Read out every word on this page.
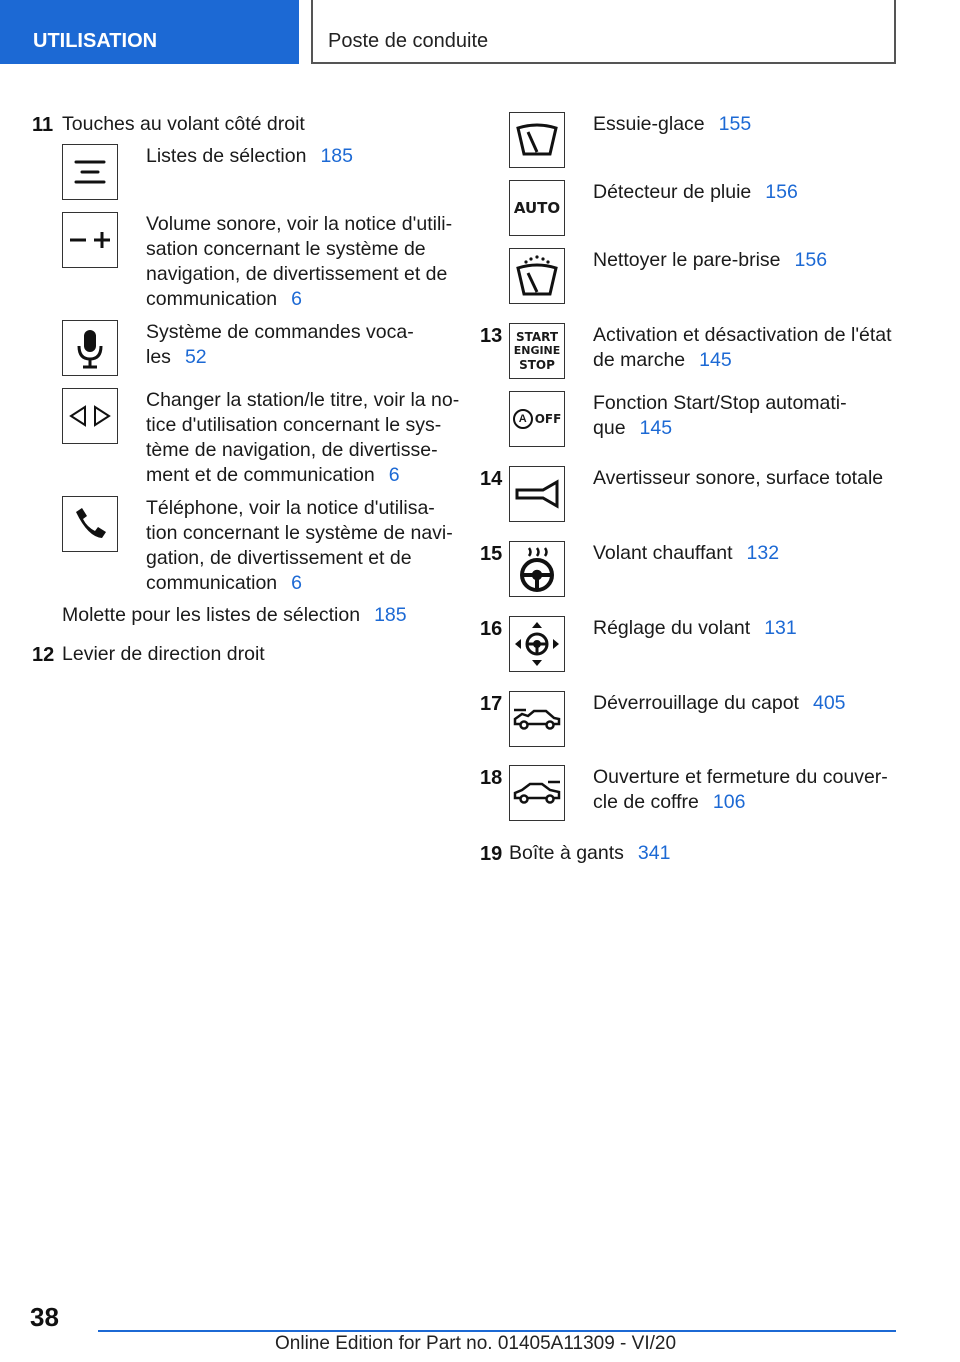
UTILISATION	Poste de conduite
11 Touches au volant côté droit
Listes de sélection 185
Volume sonore, voir la notice d'utili-
sation concernant le système de
navigation, de divertissement et de
communication 6
Système de commandes voca-
les 52
Changer la station/le titre, voir la no-
tice d'utilisation concernant le sys-
tème de navigation, de divertisse-
ment et de communication 6
Téléphone, voir la notice d'utilisa-
tion concernant le système de navi-
gation, de divertissement et de
communication 6
Molette pour les listes de sélection 185
12 Levier de direction droit
Essuie-glace 155
AUTO
Détecteur de pluie 156
Nettoyer le pare-brise 156
13 START
ENGINE
STOP
Activation et désactivation de l'état
de marche 145
A OFF
Fonction Start/Stop automati-
que 145
14	Avertisseur sonore, surface totale
15	Volant chauffant 132
16	Réglage du volant 131
17	Déverrouillage du capot 405
18	Ouverture et fermeture du couver-
cle de coffre 106
19 Boîte à gants 341
38
Online Edition for Part no. 01405A11309 - VI/20
